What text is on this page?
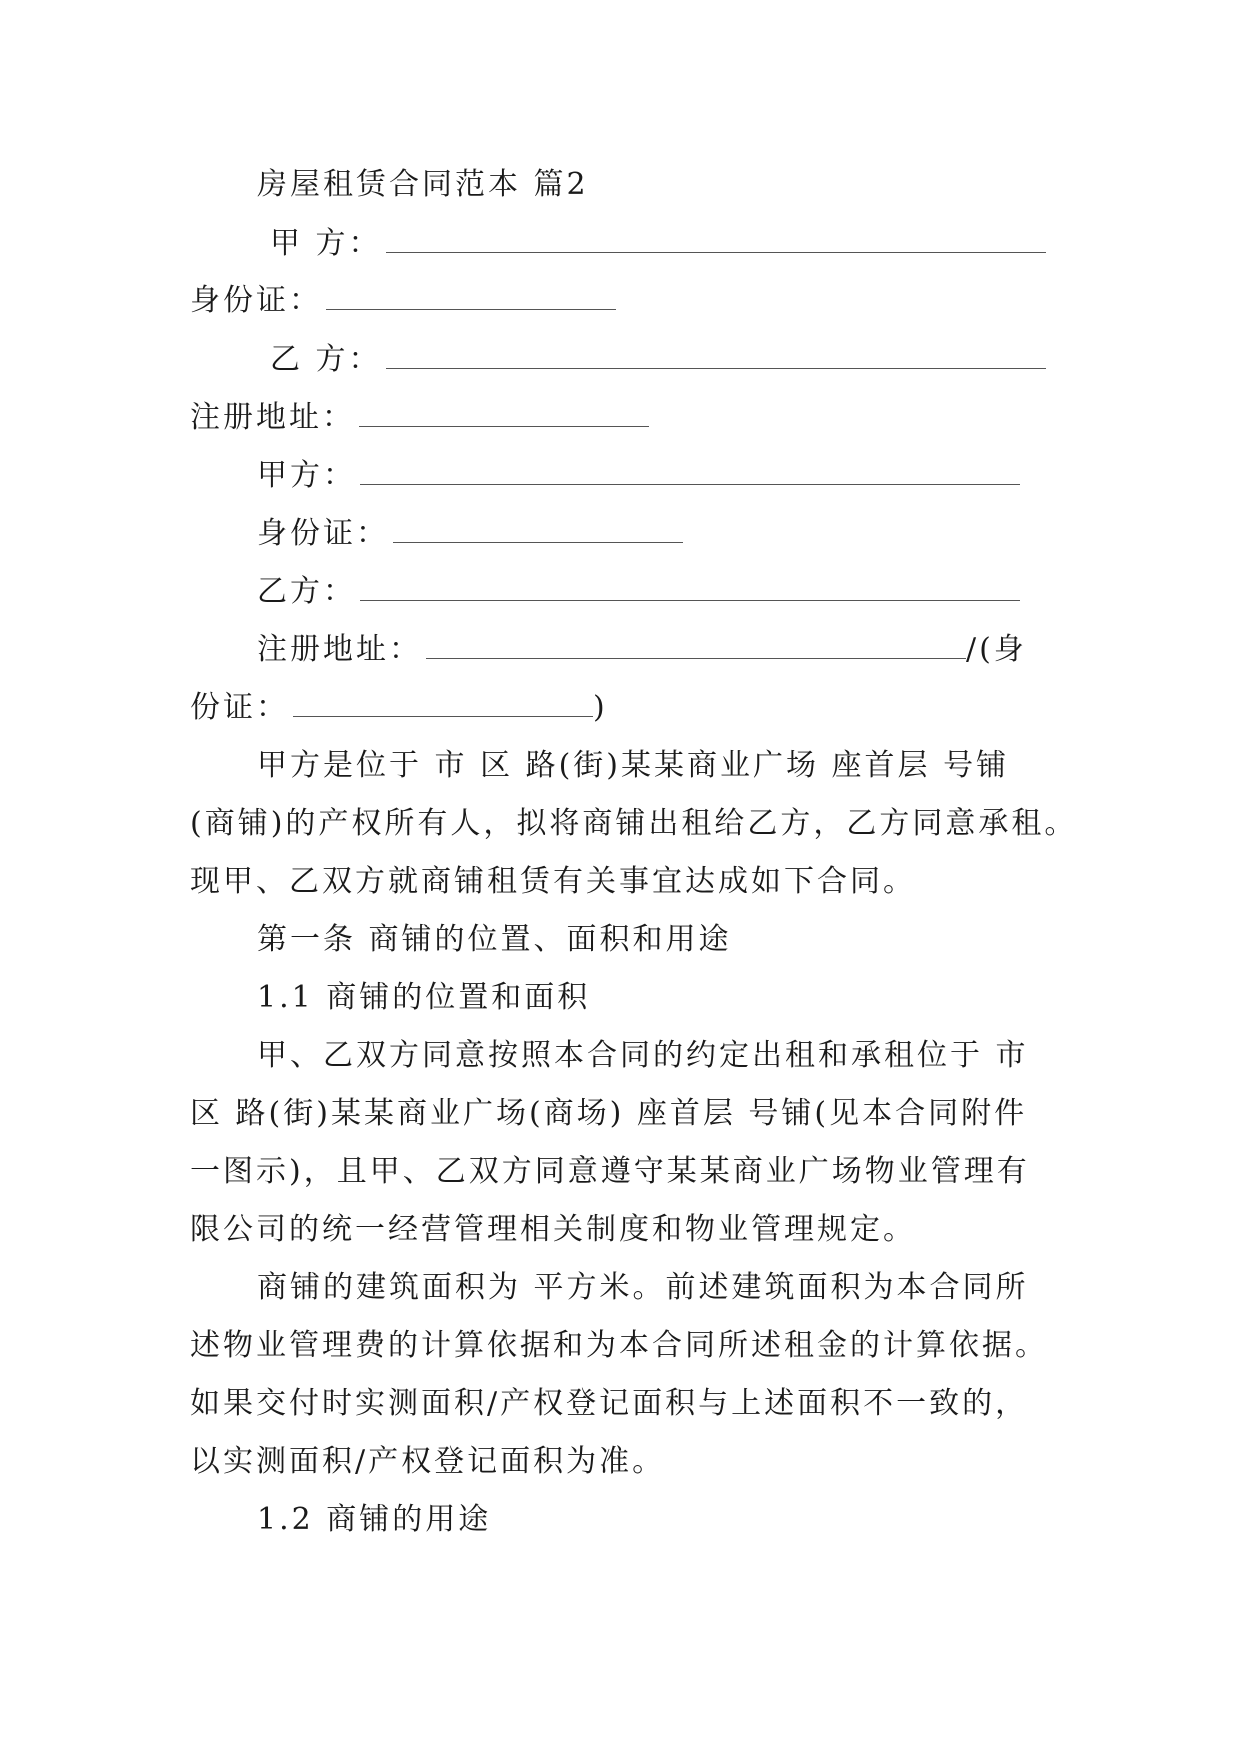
房屋租赁合同范本 篇2
甲 方：
身份证：
乙 方：
注册地址：
甲方：
身份证：
乙方：
注册地址：	/(身
份证：	)
甲方是位于 市 区 路(街)某某商业广场 座首层 号铺
(商铺)的产权所有人，拟将商铺出租给乙方，乙方同意承租。
现甲、乙双方就商铺租赁有关事宜达成如下合同。
第一条 商铺的位置、面积和用途
1.1 商铺的位置和面积
甲、乙双方同意按照本合同的约定出租和承租位于 市
区 路(街)某某商业广场(商场) 座首层 号铺(见本合同附件
一图示)，且甲、乙双方同意遵守某某商业广场物业管理有
限公司的统一经营管理相关制度和物业管理规定。
商铺的建筑面积为 平方米。前述建筑面积为本合同所
述物业管理费的计算依据和为本合同所述租金的计算依据。
如果交付时实测面积/产权登记面积与上述面积不一致的，
以实测面积/产权登记面积为准。
1.2 商铺的用途
